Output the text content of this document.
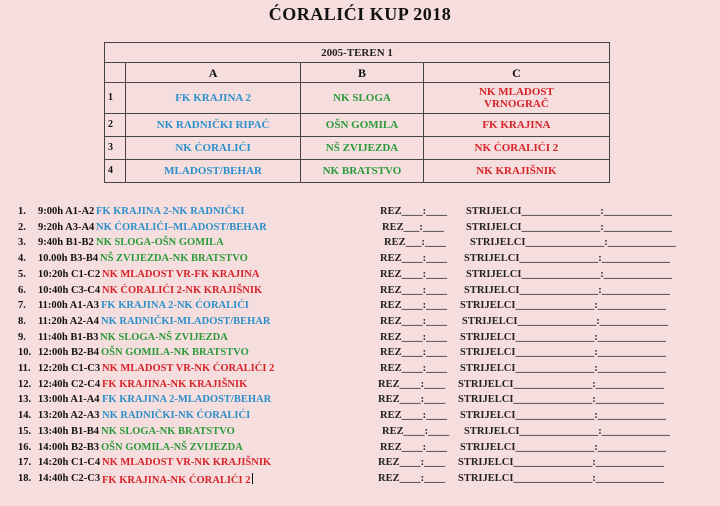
ĆORALIĆI KUP 2018
2005-TEREN 1			
	A	B	C
1	FK KRAJINA 2	NK SLOGA	NK MLADOST VRNOGRAČ
2	NK RADNIČKI RIPAĆ	OŠN GOMILA	FK KRAJINA
3	NK ĆORALIĆI	NŠ ZVIJEZDA	NK ĆORALIĆI 2
4	MLADOST/BEHAR	NK BRATSTVO	NK KRAJIŠNIK
1. 9:00h A1-A2 FK KRAJINA 2-NK RADNIČKI	REZ____:____ STRIJELCI_______________:_____________
2. 9:20h A3-A4 NK ĆORALIĆI–MLADOST/BEHAR	REZ___:____ STRIJELCI_______________:_____________
3. 9:40h B1-B2 NK SLOGA-OŠN GOMILA	REZ___:____ STRIJELCI_______________:_____________
4. 10.00h B3-B4 NŠ ZVIJEZDA-NK BRATSTVO	REZ____:____ STRIJELCI_______________:_____________
5. 10:20h C1-C2 NK MLADOST VR-FK KRAJINA	REZ____:____ STRIJELCI_______________:_____________
6. 10:40h C3-C4 NK ĆORALIĆI 2-NK KRAJIŠNIK	REZ____:____ STRIJELCI_______________:_____________
7. 11:00h A1-A3 FK KRAJINA 2-NK ĆORALIĆI	REZ____:____ STRIJELCI_______________:_____________
8. 11:20h A2-A4 NK RADNIČKI-MLADOST/BEHAR	REZ____:____ STRIJELCI_______________:_____________
9. 11:40h B1-B3 NK SLOGA-NŠ ZVIJEZDA	REZ____:____ STRIJELCI_______________:_____________
10. 12:00h B2-B4 OŠN GOMILA-NK BRATSTVO	REZ____:____ STRIJELCI_______________:_____________
11. 12:20h C1-C3 NK MLADOST VR-NK ĆORALIĆI 2	REZ____:____ STRIJELCI_______________:_____________
12. 12:40h C2-C4 FK KRAJINA-NK KRAJIŠNIK	REZ____:____ STRIJELCI_______________:_____________
13. 13:00h A1-A4 FK KRAJINA 2-MLADOST/BEHAR	REZ____:____ STRIJELCI_______________:_____________
14. 13:20h A2-A3 NK RADNIČKI-NK ĆORALIĆI	REZ____:____ STRIJELCI_______________:_____________
15. 13:40h B1-B4 NK SLOGA-NK BRATSTVO	REZ____:____ STRIJELCI_______________:_____________
16. 14:00h B2-B3 OŠN GOMILA-NŠ ZVIJEZDA	REZ____:____ STRIJELCI_______________:_____________
17. 14:20h C1-C4 NK MLADOST VR-NK KRAJIŠNIK	REZ____:____ STRIJELCI_______________:_____________
18. 14:40h C2-C3 FK KRAJINA-NK ĆORALIĆI 2	REZ____:____ STRIJELCI_______________:_____________
